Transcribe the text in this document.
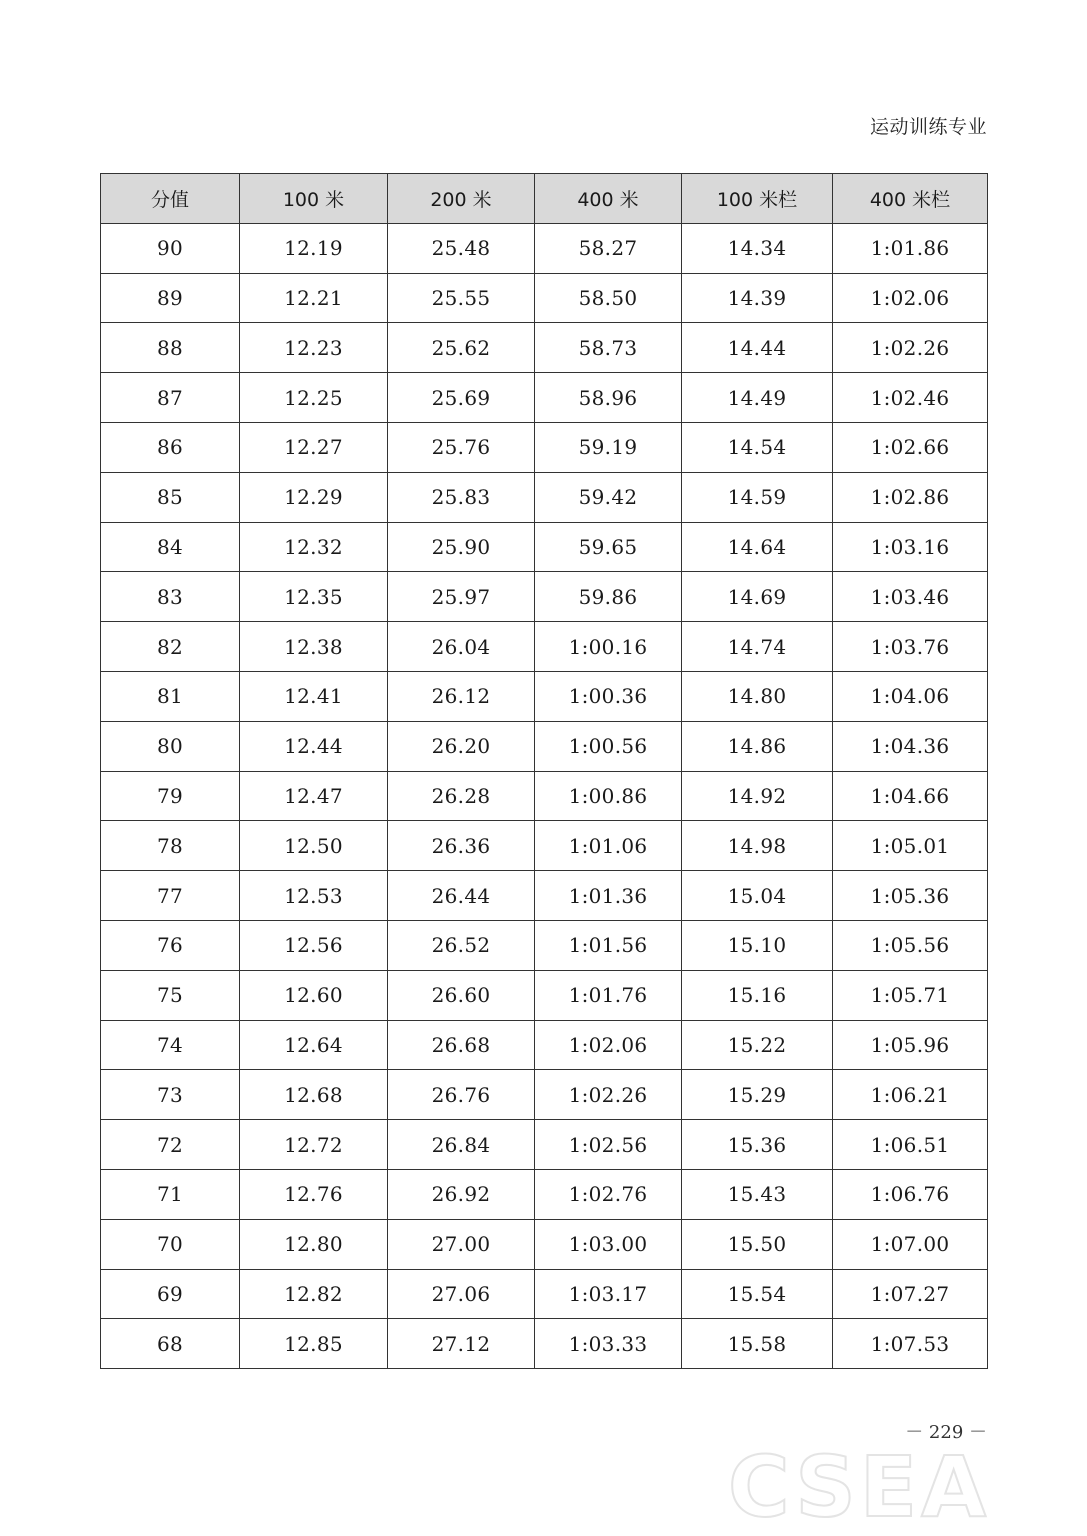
运动训练专业
分值	100 米	200 米	400 米	100 米栏	400 米栏
90	12.19	25.48	58.27	14.34	1:01.86
89	12.21	25.55	58.50	14.39	1:02.06
88	12.23	25.62	58.73	14.44	1:02.26
87	12.25	25.69	58.96	14.49	1:02.46
86	12.27	25.76	59.19	14.54	1:02.66
85	12.29	25.83	59.42	14.59	1:02.86
84	12.32	25.90	59.65	14.64	1:03.16
83	12.35	25.97	59.86	14.69	1:03.46
82	12.38	26.04	1:00.16	14.74	1:03.76
81	12.41	26.12	1:00.36	14.80	1:04.06
80	12.44	26.20	1:00.56	14.86	1:04.36
79	12.47	26.28	1:00.86	14.92	1:04.66
78	12.50	26.36	1:01.06	14.98	1:05.01
77	12.53	26.44	1:01.36	15.04	1:05.36
76	12.56	26.52	1:01.56	15.10	1:05.56
75	12.60	26.60	1:01.76	15.16	1:05.71
74	12.64	26.68	1:02.06	15.22	1:05.96
73	12.68	26.76	1:02.26	15.29	1:06.21
72	12.72	26.84	1:02.56	15.36	1:06.51
71	12.76	26.92	1:02.76	15.43	1:06.76
70	12.80	27.00	1:03.00	15.50	1:07.00
69	12.82	27.06	1:03.17	15.54	1:07.27
68	12.85	27.12	1:03.33	15.58	1:07.53
－ 229 －
CSEA
